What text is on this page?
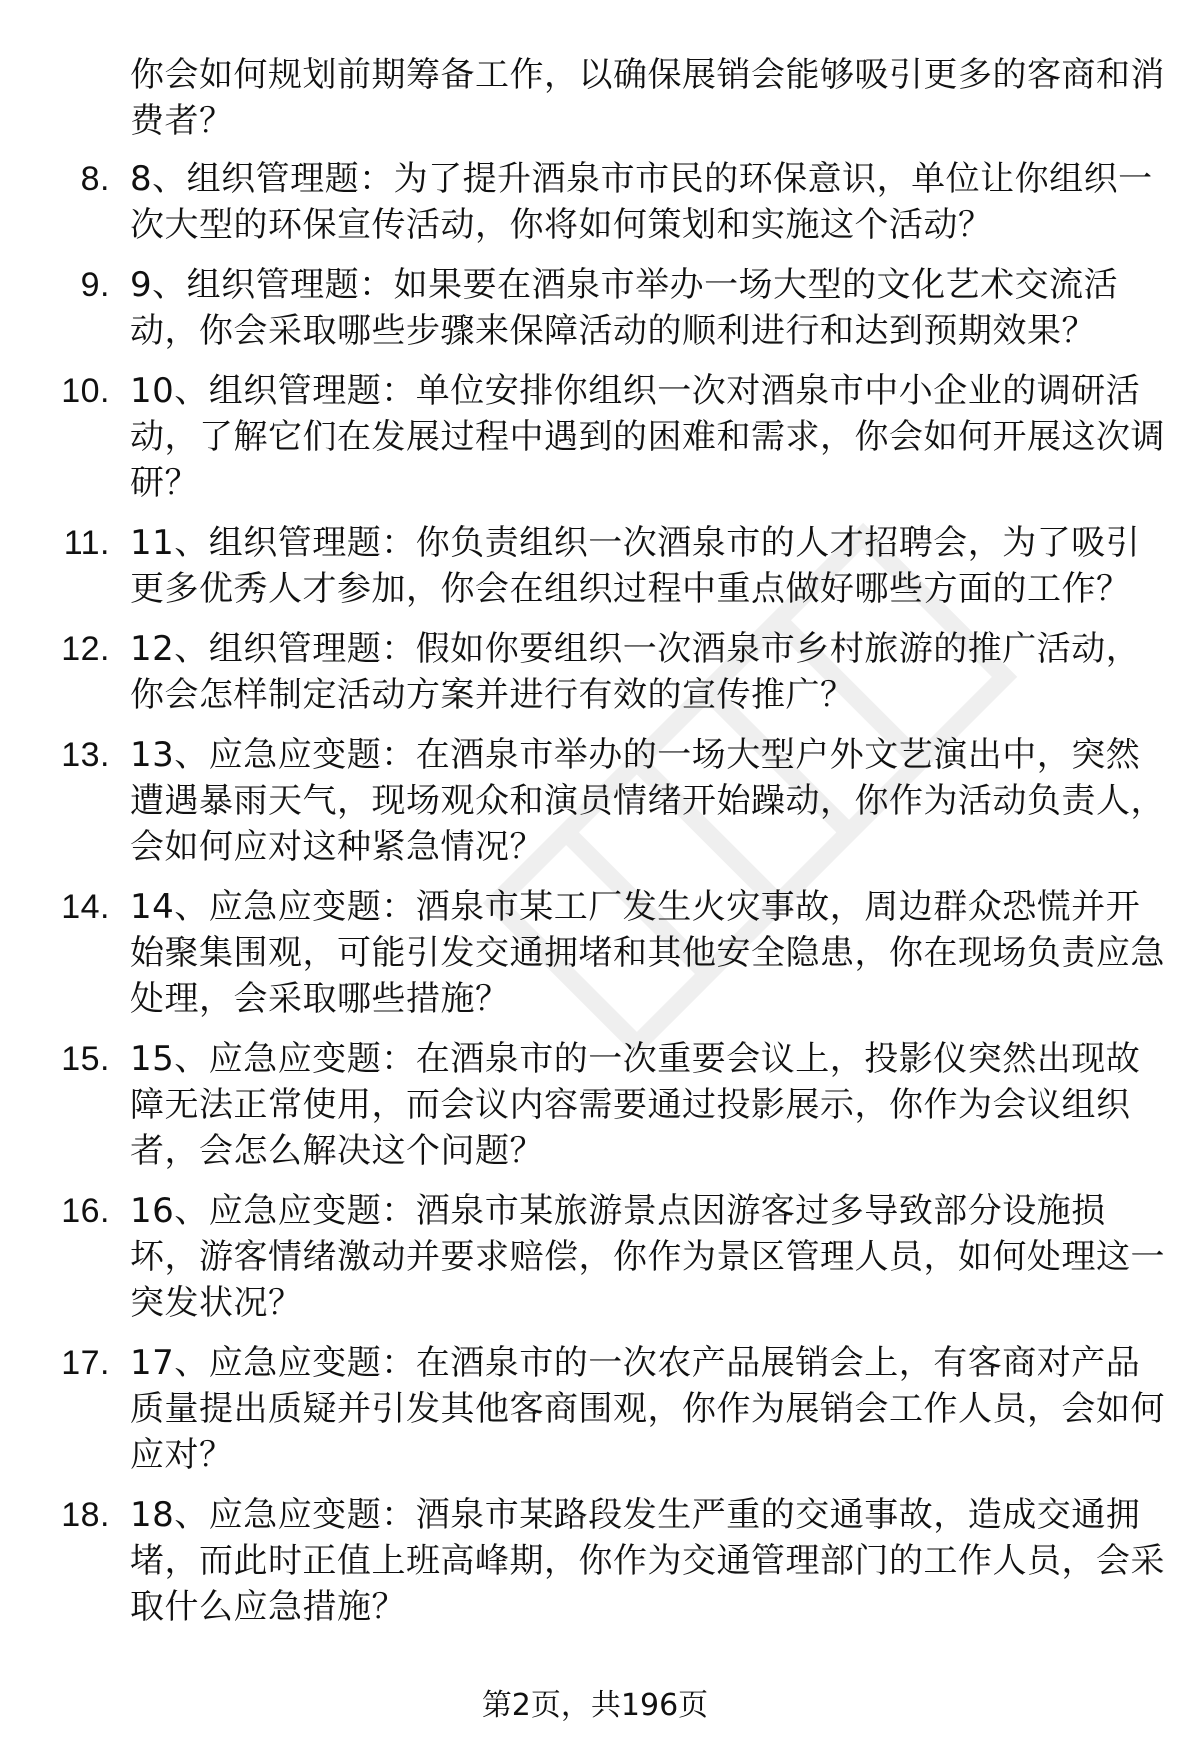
你会如何规划前期筹备工作，以确保展销会能够吸引更多的客商和消费者？
8. 8、组织管理题：为了提升酒泉市市民的环保意识，单位让你组织一次大型的环保宣传活动，你将如何策划和实施这个活动？
9. 9、组织管理题：如果要在酒泉市举办一场大型的文化艺术交流活动，你会采取哪些步骤来保障活动的顺利进行和达到预期效果？
10. 10、组织管理题：单位安排你组织一次对酒泉市中小企业的调研活动，了解它们在发展过程中遇到的困难和需求，你会如何开展这次调研？
11. 11、组织管理题：你负责组织一次酒泉市的人才招聘会，为了吸引更多优秀人才参加，你会在组织过程中重点做好哪些方面的工作？
12. 12、组织管理题：假如你要组织一次酒泉市乡村旅游的推广活动，你会怎样制定活动方案并进行有效的宣传推广？
13. 13、应急应变题：在酒泉市举办的一场大型户外文艺演出中，突然遭遇暴雨天气，现场观众和演员情绪开始躁动，你作为活动负责人，会如何应对这种紧急情况？
14. 14、应急应变题：酒泉市某工厂发生火灾事故，周边群众恐慌并开始聚集围观，可能引发交通拥堵和其他安全隐患，你在现场负责应急处理，会采取哪些措施？
15. 15、应急应变题：在酒泉市的一次重要会议上，投影仪突然出现故障无法正常使用，而会议内容需要通过投影展示，你作为会议组织者，会怎么解决这个问题？
16. 16、应急应变题：酒泉市某旅游景点因游客过多导致部分设施损坏，游客情绪激动并要求赔偿，你作为景区管理人员，如何处理这一突发状况？
17. 17、应急应变题：在酒泉市的一次农产品展销会上，有客商对产品质量提出质疑并引发其他客商围观，你作为展销会工作人员，会如何应对？
18. 18、应急应变题：酒泉市某路段发生严重的交通事故，造成交通拥堵，而此时正值上班高峰期，你作为交通管理部门的工作人员，会采取什么应急措施？
第2页，共196页
